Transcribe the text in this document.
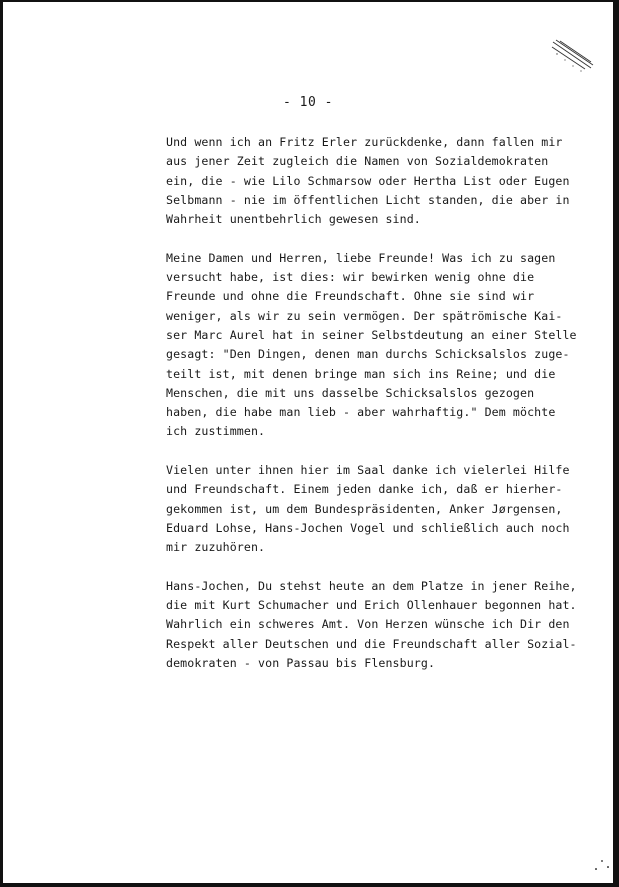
- 10 -

Und wenn ich an Fritz Erler zurückdenke, dann fallen mir
aus jener Zeit zugleich die Namen von Sozialdemokraten
ein, die - wie Lilo Schmarsow oder Hertha List oder Eugen
Selbmann - nie im öffentlichen Licht standen, die aber in
Wahrheit unentbehrlich gewesen sind.

Meine Damen und Herren, liebe Freunde! Was ich zu sagen
versucht habe, ist dies: wir bewirken wenig ohne die
Freunde und ohne die Freundschaft. Ohne sie sind wir
weniger, als wir zu sein vermögen. Der spätrömische Kai-
ser Marc Aurel hat in seiner Selbstdeutung an einer Stelle
gesagt: "Den Dingen, denen man durchs Schicksalslos zuge-
teilt ist, mit denen bringe man sich ins Reine; und die
Menschen, die mit uns dasselbe Schicksalslos gezogen
haben, die habe man lieb - aber wahrhaftig." Dem möchte
ich zustimmen.

Vielen unter ihnen hier im Saal danke ich vielerlei Hilfe
und Freundschaft. Einem jeden danke ich, daß er hierher-
gekommen ist, um dem Bundespräsidenten, Anker Jørgensen,
Eduard Lohse, Hans-Jochen Vogel und schließlich auch noch
mir zuzuhören.

Hans-Jochen, Du stehst heute an dem Platze in jener Reihe,
die mit Kurt Schumacher und Erich Ollenhauer begonnen hat.
Wahrlich ein schweres Amt. Von Herzen wünsche ich Dir den
Respekt aller Deutschen und die Freundschaft aller Sozial-
demokraten - von Passau bis Flensburg.
